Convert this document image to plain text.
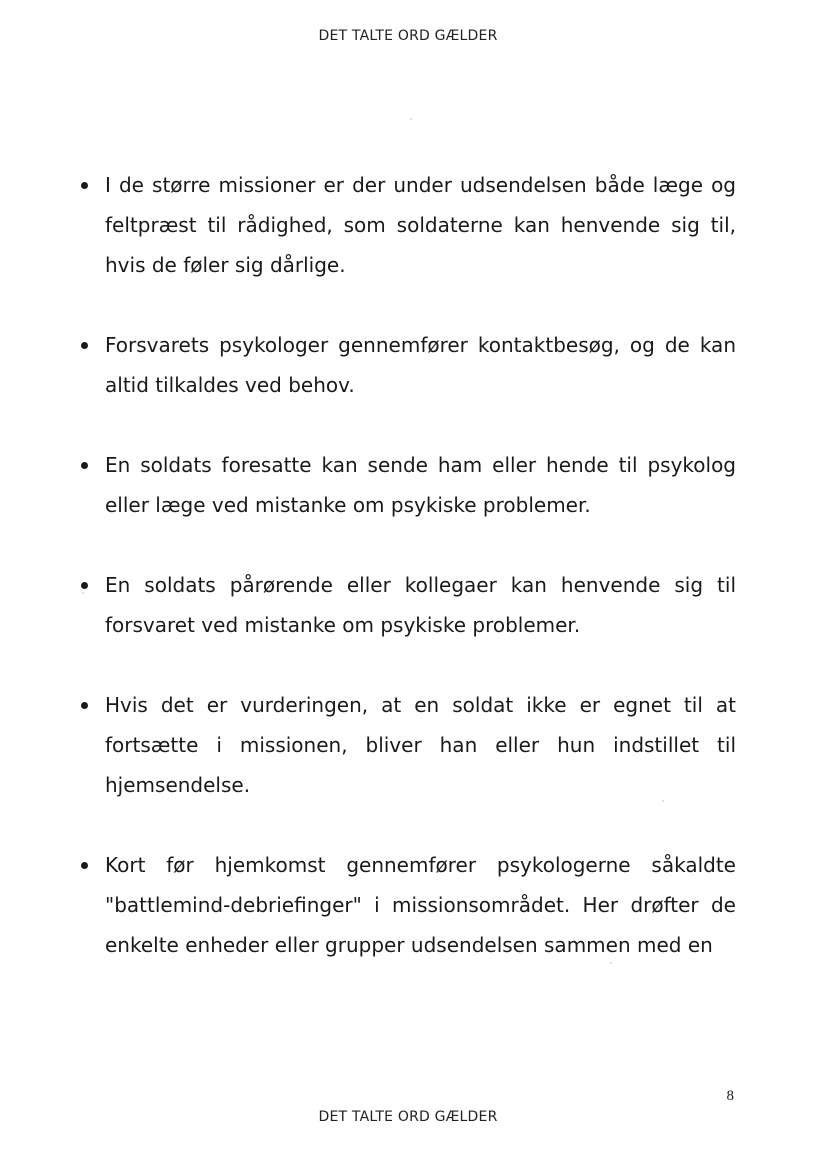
DET TALTE ORD GÆLDER
I de større missioner er der under udsendelsen både læge og feltpræst til rådighed, som soldaterne kan henvende sig til, hvis de føler sig dårlige.
Forsvarets psykologer gennemfører kontaktbesøg, og de kan altid tilkaldes ved behov.
En soldats foresatte kan sende ham eller hende til psykolog eller læge ved mistanke om psykiske problemer.
En soldats pårørende eller kollegaer kan henvende sig til forsvaret ved mistanke om psykiske problemer.
Hvis det er vurderingen, at en soldat ikke er egnet til at fortsætte i missionen, bliver han eller hun indstillet til hjemsendelse.
Kort før hjemkomst gennemfører psykologerne såkaldte "battlemind-debriefinger" i missionsområdet. Her drøfter de enkelte enheder eller grupper udsendelsen sammen med en
8
DET TALTE ORD GÆLDER
